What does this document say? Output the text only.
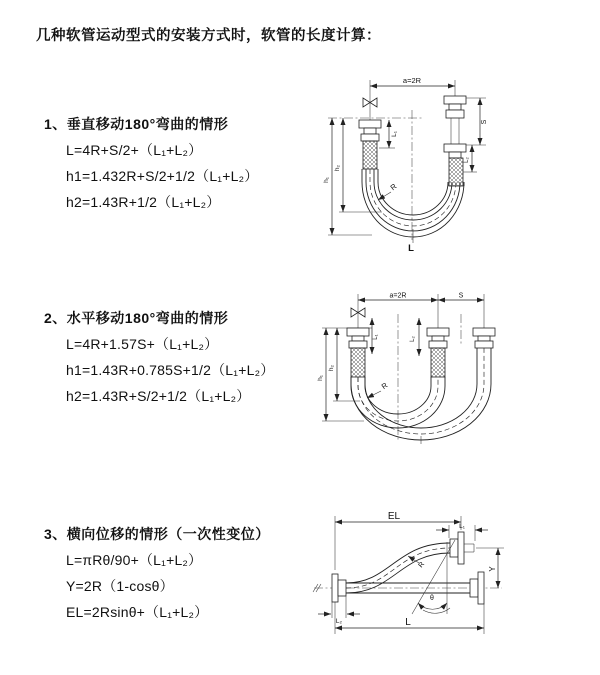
几种软管运动型式的安装方式时，软管的长度计算：
1、垂直移动180°弯曲的情形
L=4R+S/2+（L₁+L₂）
h1=1.432R+S/2+1/2（L₁+L₂）
h2=1.43R+1/2（L₁+L₂）
2、水平移动180°弯曲的情形
L=4R+1.57S+（L₁+L₂）
h1=1.43R+0.785S+1/2（L₁+L₂）
h2=1.43R+S/2+1/2（L₁+L₂）
3、横向位移的情形（一次性变位）
L=πRθ/90+（L₁+L₂）
Y=2R（1-cosθ）
EL=2Rsinθ+（L₁+L₂）
a=2R
L₁
S
L₂
h₁
h₂
R
L
a=2R	S
L₁	L₂
h₁
h₂
R
EL
L₁
Y
θ
R
L
L₂
